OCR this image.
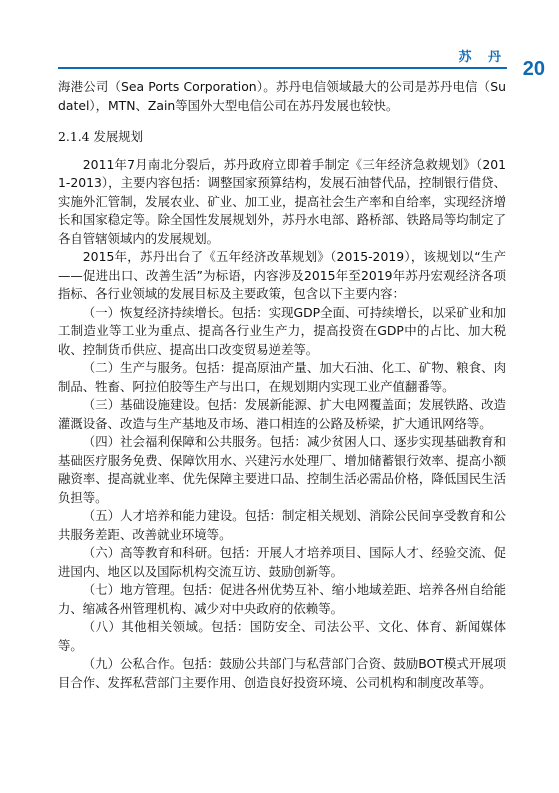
苏 丹
20

海港公司（Sea Ports Corporation）。苏丹电信领域最大的公司是苏丹电信（Sudatel），MTN、Zain等国外大型电信公司在苏丹发展也较快。

2.1.4 发展规划

2011年7月南北分裂后，苏丹政府立即着手制定《三年经济急救规划》（2011-2013），主要内容包括：调整国家预算结构，发展石油替代品，控制银行借贷、实施外汇管制，发展农业、矿业、加工业，提高社会生产率和自给率，实现经济增长和国家稳定等。除全国性发展规划外，苏丹水电部、路桥部、铁路局等均制定了各自管辖领域内的发展规划。

2015年，苏丹出台了《五年经济改革规划》（2015-2019），该规划以“生产——促进出口、改善生活”为标语，内容涉及2015年至2019年苏丹宏观经济各项指标、各行业领域的发展目标及主要政策，包含以下主要内容：

（一）恢复经济持续增长。包括：实现GDP全面、可持续增长，以采矿业和加工制造业等工业为重点、提高各行业生产力，提高投资在GDP中的占比、加大税收、控制货币供应、提高出口改变贸易逆差等。

（二）生产与服务。包括：提高原油产量、加大石油、化工、矿物、粮食、肉制品、牲畜、阿拉伯胶等生产与出口，在规划期内实现工业产值翻番等。

（三）基础设施建设。包括：发展新能源、扩大电网覆盖面；发展铁路、改造灌溉设备、改造与生产基地及市场、港口相连的公路及桥梁，扩大通讯网络等。

（四）社会福利保障和公共服务。包括：减少贫困人口、逐步实现基础教育和基础医疗服务免费、保障饮用水、兴建污水处理厂、增加储蓄银行效率、提高小额融资率、提高就业率、优先保障主要进口品、控制生活必需品价格，降低国民生活负担等。

（五）人才培养和能力建设。包括：制定相关规划、消除公民间享受教育和公共服务差距、改善就业环境等。

（六）高等教育和科研。包括：开展人才培养项目、国际人才、经验交流、促进国内、地区以及国际机构交流互访、鼓励创新等。

（七）地方管理。包括：促进各州优势互补、缩小地域差距、培养各州自给能力、缩减各州管理机构、减少对中央政府的依赖等。

（八）其他相关领域。包括：国防安全、司法公平、文化、体育、新闻媒体等。

（九）公私合作。包括：鼓励公共部门与私营部门合资、鼓励BOT模式开展项目合作、发挥私营部门主要作用、创造良好投资环境、公司机构和制度改革等。
